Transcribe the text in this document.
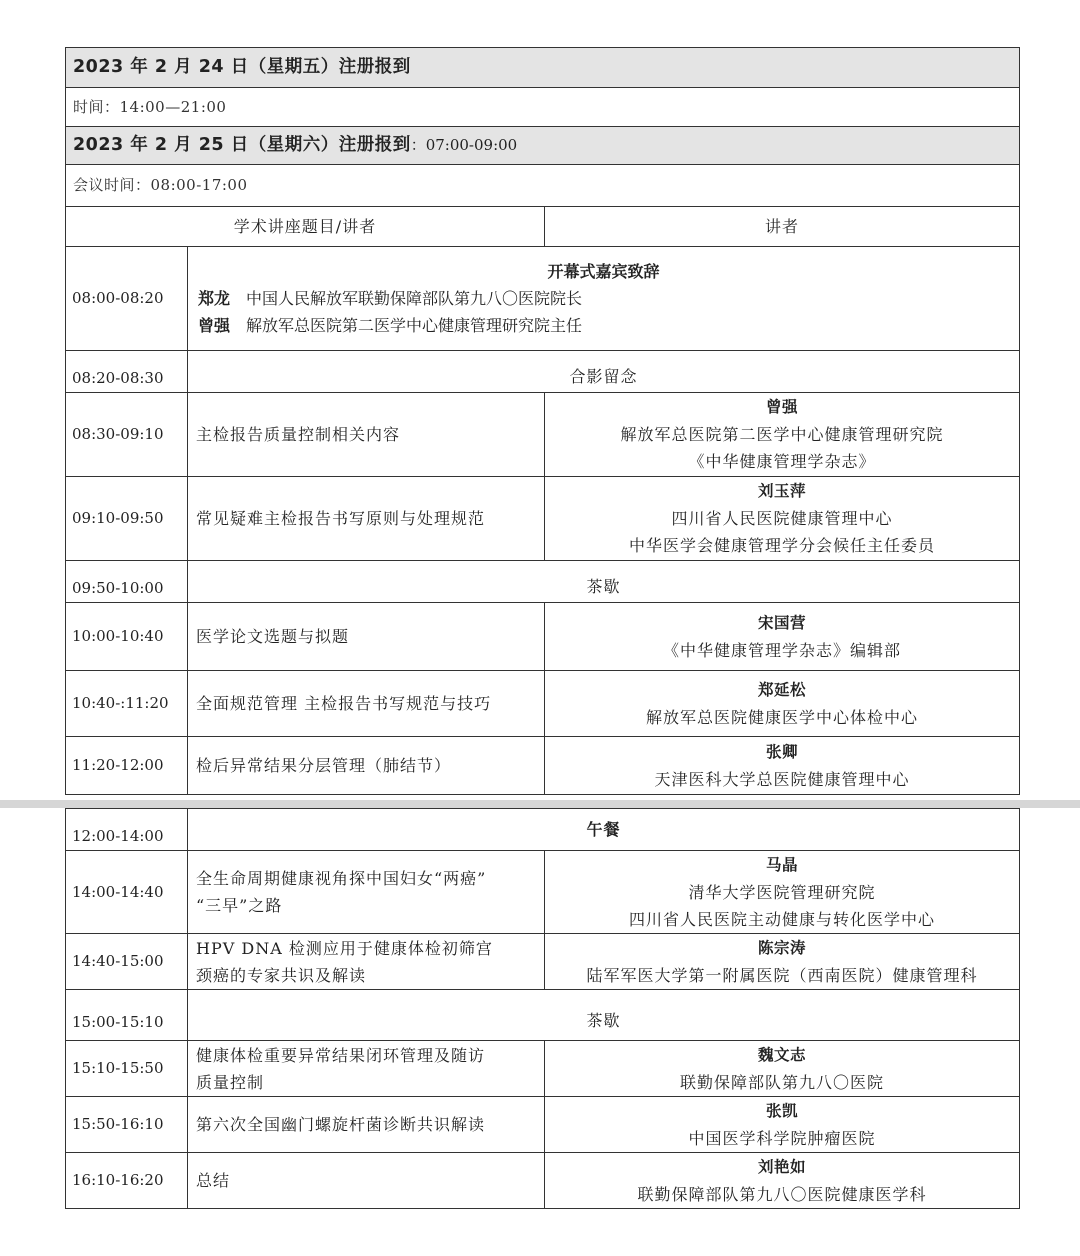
2023 年 2 月 24 日（星期五）注册报到		
时间：14:00—21:00		
2023 年 2 月 25 日（星期六）注册报到：07:00-09:00		
会议时间：08:00-17:00		
学术讲座题目/讲者		讲者
08:00-08:20	开幕式嘉宾致辞
郑龙 中国人民解放军联勤保障部队第九八〇医院院长
曾强 解放军总医院第二医学中心健康管理研究院主任	

08:20-08:30	合影留念	
08:30-09:10	主检报告质量控制相关内容	曾强
解放军总医院第二医学中心健康管理研究院
《中华健康管理学杂志》

09:10-09:50	常见疑难主检报告书写原则与处理规范	刘玉萍
四川省人民医院健康管理中心
中华医学会健康管理学分会候任主任委员

09:50-10:00	茶歇	
10:00-10:40	医学论文选题与拟题	宋国营
《中华健康管理学杂志》编辑部

10:40-:11:20	全面规范管理 主检报告书写规范与技巧	郑延松
解放军总医院健康医学中心体检中心

11:20-12:00	检后异常结果分层管理（肺结节）	张卿
天津医科大学总医院健康管理中心
12:00-14:00	午餐	
14:00-14:40	全生命周期健康视角探中国妇女“两癌”
“三早”之路	马晶
清华大学医院管理研究院
四川省人民医院主动健康与转化医学中心

14:40-15:00	HPV DNA 检测应用于健康体检初筛宫
颈癌的专家共识及解读	陈宗涛
陆军军医大学第一附属医院（西南医院）健康管理科

15:00-15:10	茶歇	
15:10-15:50	健康体检重要异常结果闭环管理及随访
质量控制	魏文志
联勤保障部队第九八〇医院

15:50-16:10	第六次全国幽门螺旋杆菌诊断共识解读	张凯
中国医学科学院肿瘤医院

16:10-16:20	总结	刘艳如
联勤保障部队第九八〇医院健康医学科
